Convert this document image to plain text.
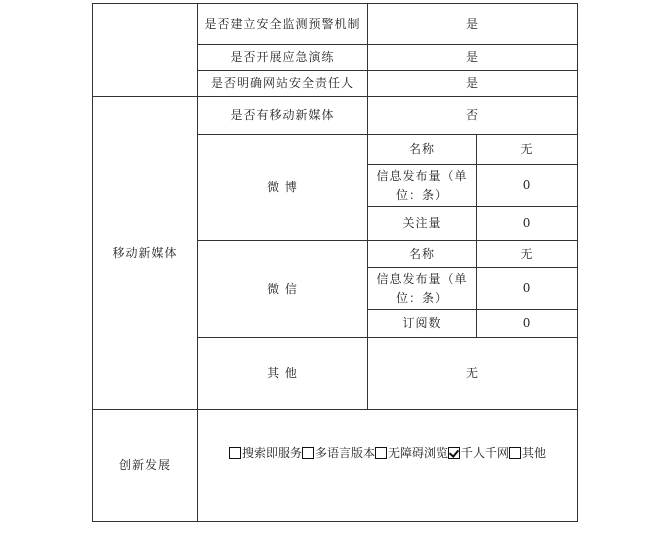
	是否建立安全监测预警机制	是	
	是否开展应急演练	是	
	是否明确网站安全责任人	是	
移动新媒体	是否有移动新媒体	否	
	微 博	名称	无
		信息发布量（单位：条）	0
		关注量	0
	微 信	名称	无
		信息发布量（单位：条）	0
		订阅数	0
	其 他	无	
创新发展	搜索即服务 多语言版本 无障碍浏览 千人千网 其他		
